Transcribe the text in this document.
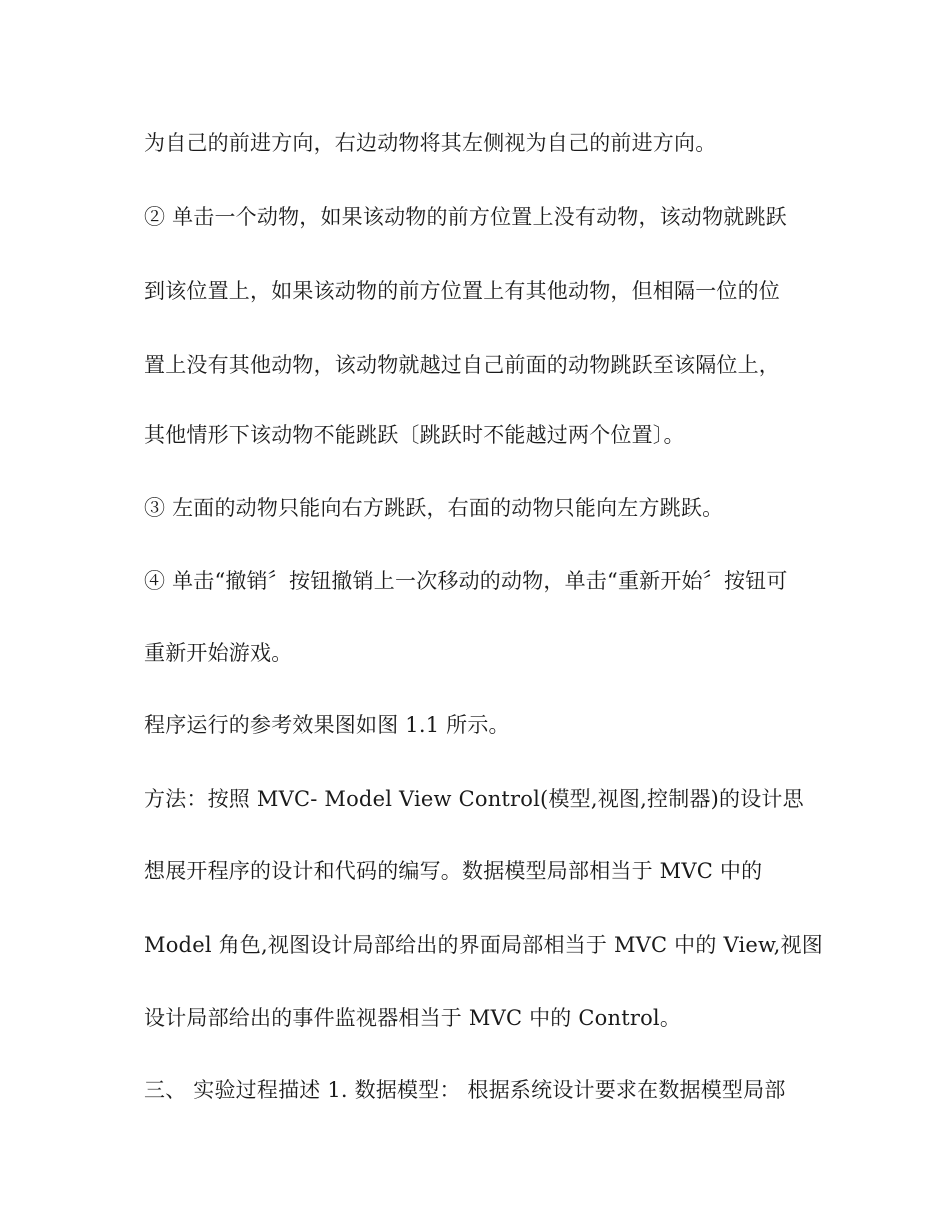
为自己的前进方向，右边动物将其左侧视为自己的前进方向。
② 单击一个动物，如果该动物的前方位置上没有动物，该动物就跳跃
到该位置上，如果该动物的前方位置上有其他动物，但相隔一位的位
置上没有其他动物，该动物就越过自己前面的动物跳跃至该隔位上，
其他情形下该动物不能跳跃〔跳跃时不能越过两个位置〕。
③ 左面的动物只能向右方跳跃，右面的动物只能向左方跳跃。
④ 单击“撤销〞按钮撤销上一次移动的动物，单击“重新开始〞按钮可
重新开始游戏。
程序运行的参考效果图如图 1.1 所示。
方法：按照 MVC- Model View Control(模型,视图,控制器)的设计思
想展开程序的设计和代码的编写。数据模型局部相当于 MVC 中的
Model 角色,视图设计局部给出的界面局部相当于 MVC 中的 View,视图
设计局部给出的事件监视器相当于 MVC 中的 Control。
三、 实验过程描述 1. 数据模型： 根据系统设计要求在数据模型局部
